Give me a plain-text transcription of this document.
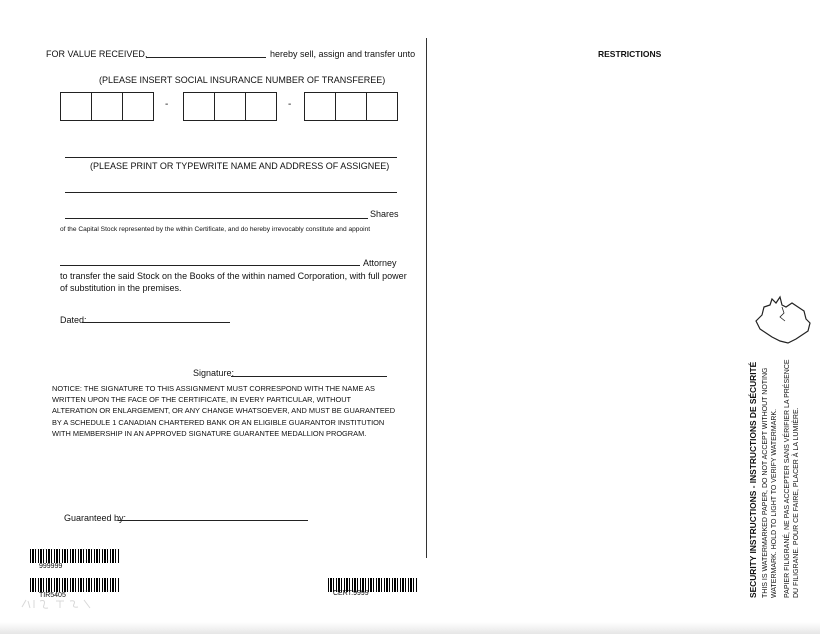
FOR VALUE RECEIVED,	hereby sell, assign and transfer unto
(PLEASE INSERT SOCIAL INSURANCE NUMBER OF TRANSFEREE)
-	-
(PLEASE PRINT OR TYPEWRITE NAME AND ADDRESS OF ASSIGNEE)
Shares
of the Capital Stock represented by the within Certificate, and do hereby irrevocably constitute and appoint
Attorney
to transfer the said Stock on the Books of the within named Corporation, with full power
of substitution in the premises.
Dated:
Signature:
NOTICE: THE SIGNATURE TO THIS ASSIGNMENT MUST CORRESPOND WITH THE NAME AS
WRITTEN UPON THE FACE OF THE CERTIFICATE, IN EVERY PARTICULAR, WITHOUT
ALTERATION OR ENLARGEMENT, OR ANY CHANGE WHATSOEVER, AND MUST BE GUARANTEED
BY A SCHEDULE 1 CANADIAN CHARTERED BANK OR AN ELIGIBLE GUARANTOR INSTITUTION
WITH MEMBERSHIP IN AN APPROVED SIGNATURE GUARANTEE MEDALLION PROGRAM.
Guaranteed by:
999999
TIR5405	CERT.9999
RESTRICTIONS
SECURITY INSTRUCTIONS - INSTRUCTIONS DE SÉCURITÉ THIS IS WATERMARKED PAPER, DO NOT ACCEPT WITHOUT NOTING WATERMARK. HOLD TO LIGHT TO VERIFY WATERMARK. PAPIER FILIGRANÉ, NE PAS ACCEPTER SANS VÉRIFIER LA PRÉSENCE DU FILIGRANE. POUR CE FAIRE, PLACER À LA LUMIÈRE.
